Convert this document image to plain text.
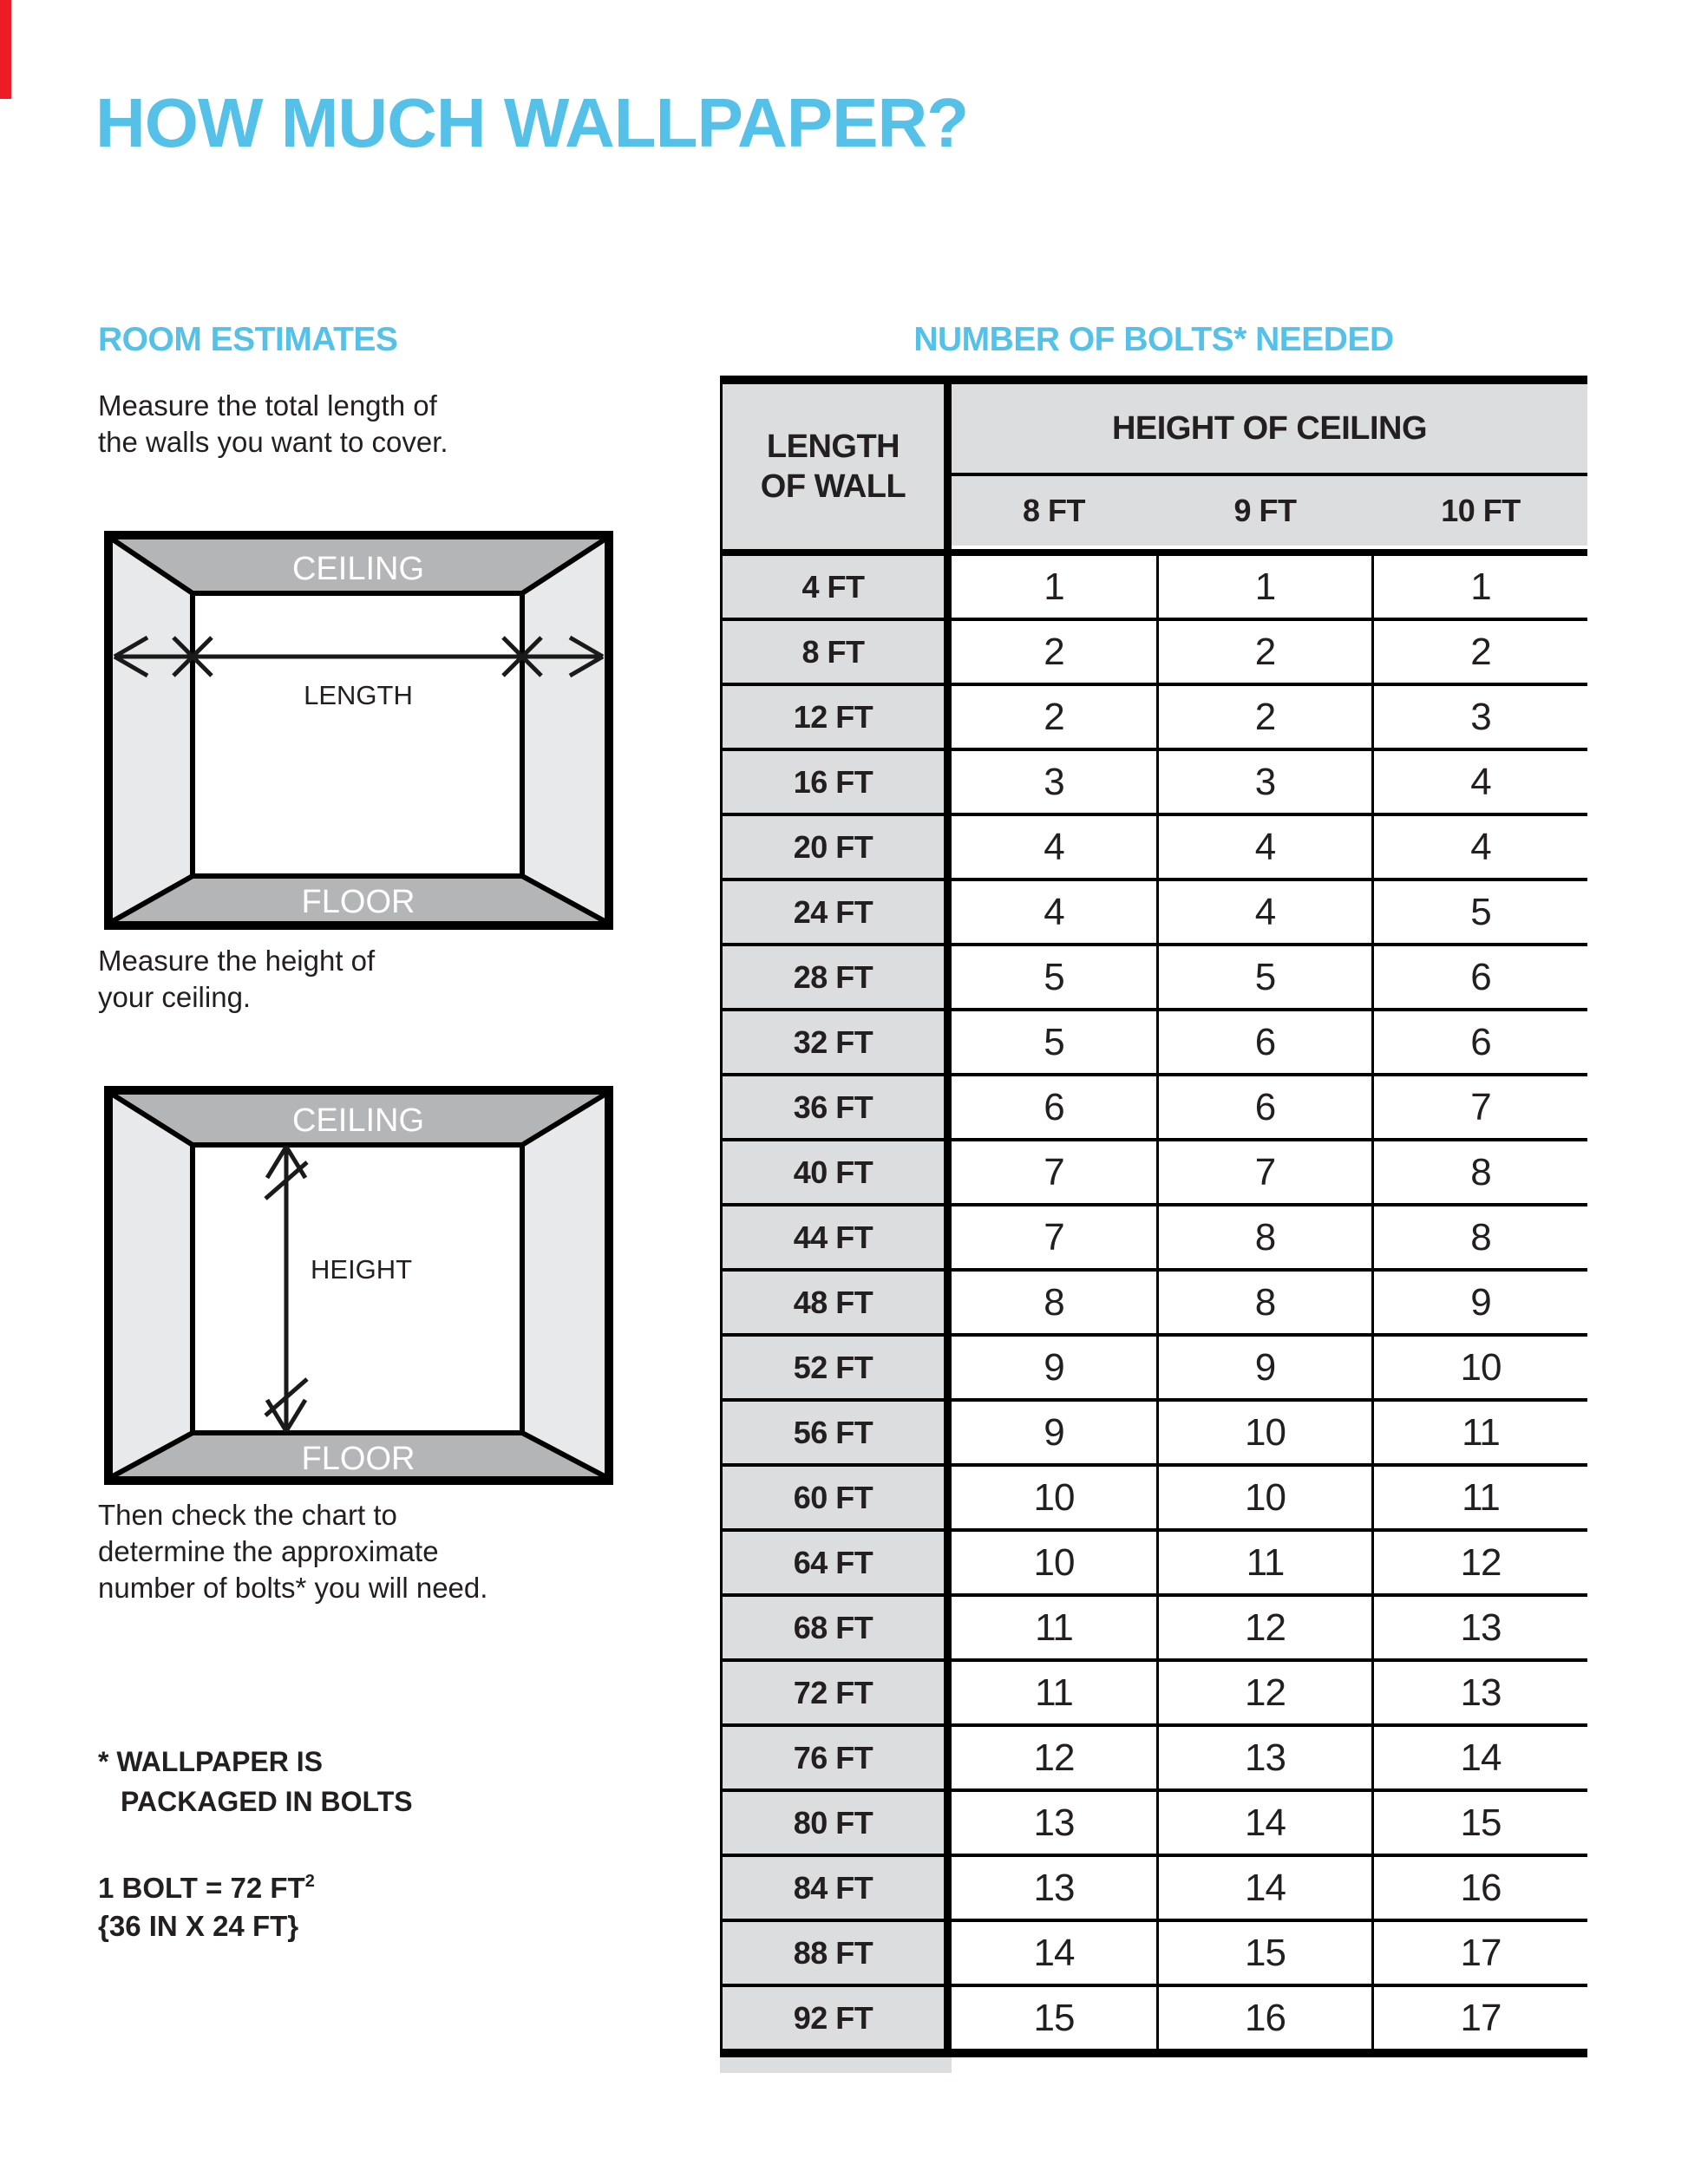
HOW MUCH WALLPAPER?
ROOM ESTIMATES	NUMBER OF BOLTS* NEEDED
Measure the total length of
the walls you want to cover.
CEILING
FLOOR
LENGTH
Measure the height of
your ceiling.
CEILING
FLOOR
HEIGHT
Then check the chart to
determine the approximate
number of bolts* you will need.
* WALLPAPER IS
PACKAGED IN BOLTS
1 BOLT = 72 $FT^2$
{36 IN X 24 FT}
LENGTH
OF WALL
HEIGHT OF CEILING
8 FT	9 FT	10 FT
4 FT	1	1	1
8 FT	2	2	2
12 FT	2	2	3
16 FT	3	3	4
20 FT	4	4	4
24 FT	4	4	5
28 FT	5	5	6
32 FT	5	6	6
36 FT	6	6	7
40 FT	7	7	8
44 FT	7	8	8
48 FT	8	8	9
52 FT	9	9	10
56 FT	9	10	11
60 FT	10	10	11
64 FT	10	11	12
68 FT	11	12	13
72 FT	11	12	13
76 FT	12	13	14
80 FT	13	14	15
84 FT	13	14	16
88 FT	14	15	17
92 FT	15	16	17
